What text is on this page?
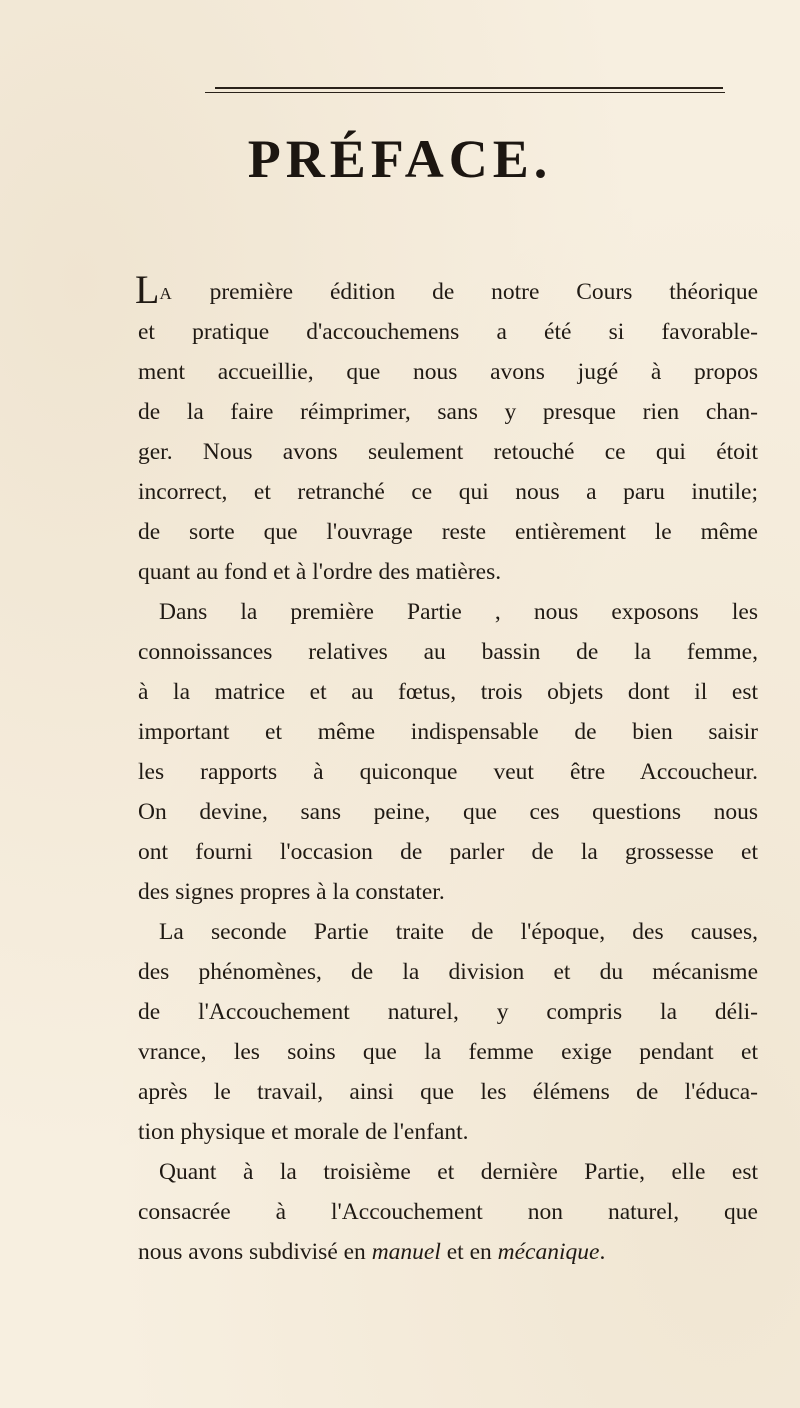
PRÉFACE.
LA première édition de notre Cours théorique
et pratique d'accouchemens a été si favorable-
ment accueillie, que nous avons jugé à propos
de la faire réimprimer, sans y presque rien chan-
ger. Nous avons seulement retouché ce qui étoit
incorrect, et retranché ce qui nous a paru inutile;
de sorte que l'ouvrage reste entièrement le même
quant au fond et à l'ordre des matières.
Dans la première Partie , nous exposons les
connoissances relatives au bassin de la femme,
à la matrice et au fœtus, trois objets dont il est
important et même indispensable de bien saisir
les rapports à quiconque veut être Accoucheur.
On devine, sans peine, que ces questions nous
ont fourni l'occasion de parler de la grossesse et
des signes propres à la constater.
La seconde Partie traite de l'époque, des causes,
des phénomènes, de la division et du mécanisme
de l'Accouchement naturel, y compris la déli-
vrance, les soins que la femme exige pendant et
après le travail, ainsi que les élémens de l'éduca-
tion physique et morale de l'enfant.
Quant à la troisième et dernière Partie, elle est
consacrée à l'Accouchement non naturel, que
nous avons subdivisé en manuel et en mécanique.
